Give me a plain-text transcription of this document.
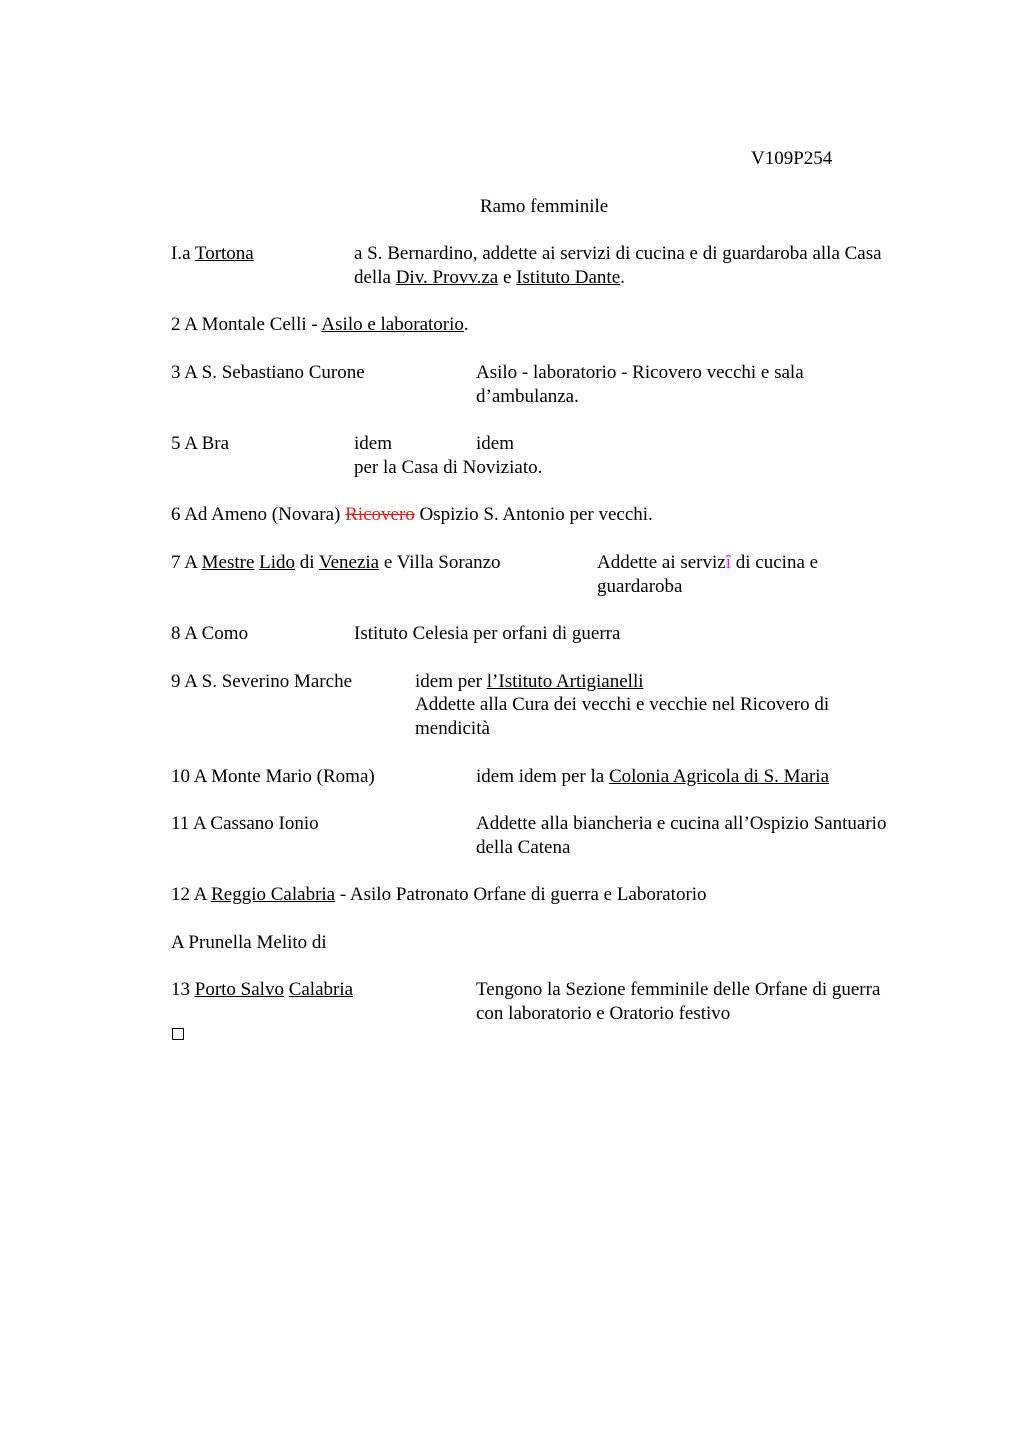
V109P254
Ramo femminile
I.a Tortona	a S. Bernardino, addette ai servizi di cucina e di guardaroba alla Casa
della Div. Provv.za e Istituto Dante.
2 A Montale Celli - Asilo e laboratorio.
3 A S. Sebastiano Curone	Asilo - laboratorio - Ricovero vecchi e sala
d’ambulanza.
5 A Bra	idem	idem
per la Casa di Noviziato.
6 Ad Ameno (Novara) Ricovero Ospizio S. Antonio per vecchi.
7 A Mestre Lido di Venezia e Villa Soranzo	Addette ai servizî di cucina e
guardaroba
8 A Como	Istituto Celesia per orfani di guerra
9 A S. Severino Marche	idem per l’Istituto Artigianelli
Addette alla Cura dei vecchi e vecchie nel Ricovero di
mendicità
10 A Monte Mario (Roma)	idem idem per la Colonia Agricola di S. Maria
11 A Cassano Ionio	Addette alla biancheria e cucina all’Ospizio Santuario
della Catena
12 A Reggio Calabria - Asilo Patronato Orfane di guerra e Laboratorio
A Prunella Melito di
13 Porto Salvo Calabria	Tengono la Sezione femminile delle Orfane di guerra
con laboratorio e Oratorio festivo
